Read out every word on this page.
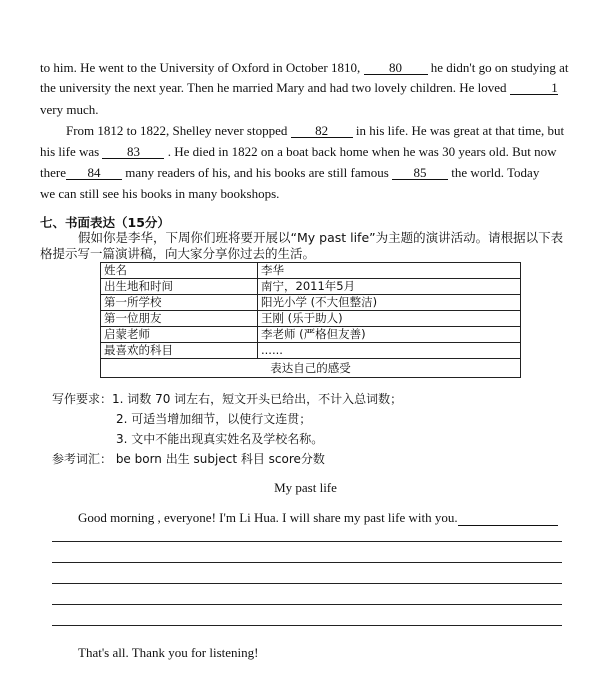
to him. He went to the University of Oxford in October 1810, 80 he didn't go on studying at
the university the next year. Then he married Mary and had two lovely children. He loved	1
very much.
From 1812 to 1822, Shelley never stopped 82 in his life. He was great at that time, but
his life was 83 . He died in 1822 on a boat back home when he was 30 years old. But now
there 84 many readers of his, and his books are still famous 85 the world. Today
we can still see his books in many bookshops.
七、书面表达（15分）
假如你是李华，下周你们班将要开展以“My past life”为主题的演讲活动。请根据以下表
格提示写一篇演讲稿，向大家分享你过去的生活。
姓名	李华
出生地和时间	南宁，2011年5月
第一所学校	阳光小学 (不大但整洁)
第一位朋友	王刚 (乐于助人)
启蒙老师	李老师 (严格但友善)
最喜欢的科目	......
表达自己的感受	
写作要求：1. 词数 70 词左右，短文开头已给出，不计入总词数；
2. 可适当增加细节，以使行文连贯；
3. 文中不能出现真实姓名及学校名称。
参考词汇： be born 出生 subject 科目 score分数
My past life
Good morning , everyone! I'm Li Hua. I will share my past life with you.
That's all. Thank you for listening!
